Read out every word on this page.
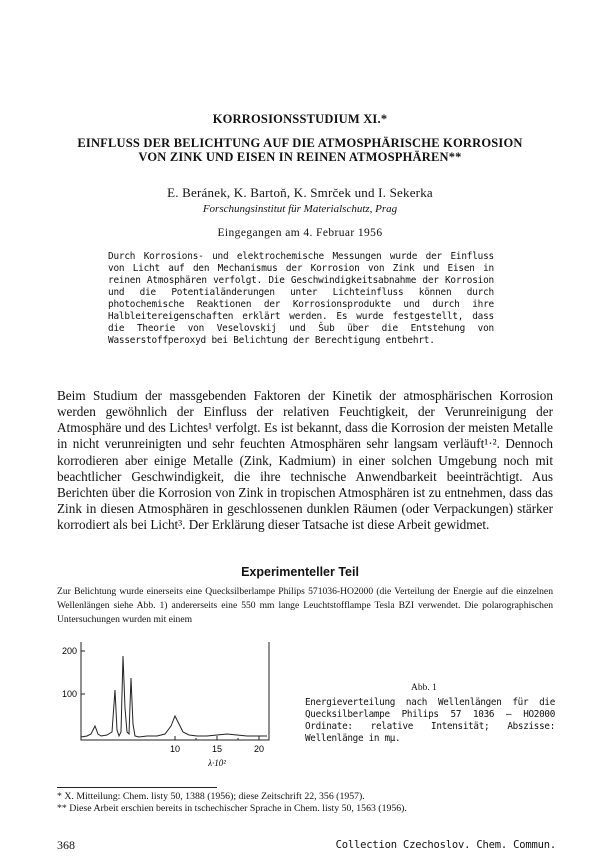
KORROSIONSSTUDIUM XI.*
EINFLUSS DER BELICHTUNG AUF DIE ATMOSPHÄRISCHE KORROSION
VON ZINK UND EISEN IN REINEN ATMOSPHÄREN**
E. Beránek, K. Bartoň, K. Smrček und I. Sekerka
Forschungsinstitut für Materialschutz, Prag
Eingegangen am 4. Februar 1956
Durch Korrosions- und elektrochemische Messungen wurde der Einfluss von Licht auf den Mechanismus der Korrosion von Zink und Eisen in reinen Atmosphären verfolgt. Die Geschwindigkeitsabnahme der Korrosion und die Potentialänderungen unter Lichteinfluss können durch photochemische Reaktionen der Korrosionsprodukte und durch ihre Halbleitereigenschaften erklärt werden. Es wurde festgestellt, dass die Theorie von Veselovskij und Šub über die Entstehung von Wasserstoffperoxyd bei Belichtung der Berechtigung entbehrt.
Beim Studium der massgebenden Faktoren der Kinetik der atmosphärischen Korrosion werden gewöhnlich der Einfluss der relativen Feuchtigkeit, der Verunreinigung der Atmosphäre und des Lichtes¹ verfolgt. Es ist bekannt, dass die Korrosion der meisten Metalle in nicht verunreinigten und sehr feuchten Atmosphären sehr langsam verläuft¹·². Dennoch korrodieren aber einige Metalle (Zink, Kadmium) in einer solchen Umgebung noch mit beachtlicher Geschwindigkeit, die ihre technische Anwendbarkeit beeinträchtigt. Aus Berichten über die Korrosion von Zink in tropischen Atmosphären ist zu entnehmen, dass das Zink in diesen Atmosphären in geschlossenen dunklen Räumen (oder Verpackungen) stärker korrodiert als bei Licht³. Der Erklärung dieser Tatsache ist diese Arbeit gewidmet.
Experimenteller Teil
Zur Belichtung wurde einerseits eine Quecksilberlampe Philips 571036-HO2000 (die Verteilung der Energie auf die einzelnen Wellenlängen siehe Abb. 1) andererseits eine 550 mm lange Leuchtstofflampe Tesla BZI verwendet. Die polarographischen Untersuchungen wurden mit einem
200
100
10	15	20
λ·10²
Abb. 1
Energieverteilung nach Wellenlängen für die Quecksilberlampe Philips 57 1036 — HO2000 Ordinate: relative Intensität; Abszisse: Wellenlänge in mμ.
* X. Mitteilung: Chem. listy 50, 1388 (1956); diese Zeitschrift 22, 356 (1957).
** Diese Arbeit erschien bereits in tschechischer Sprache in Chem. listy 50, 1563 (1956).
368	Collection Czechoslov. Chem. Commun.
